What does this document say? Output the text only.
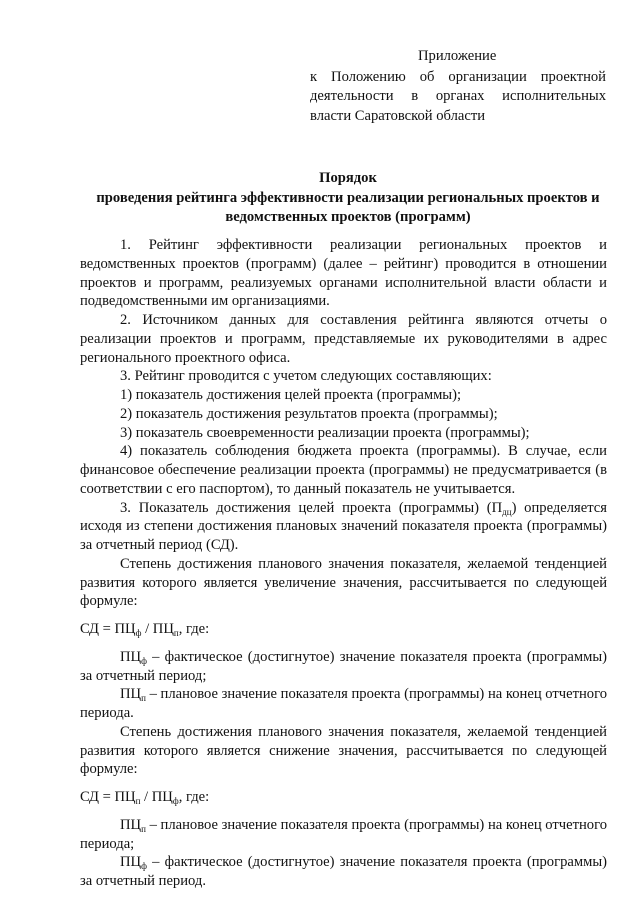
Приложение
к Положению об организации проектной деятельности в органах исполнительных власти Саратовской области
Порядок
проведения рейтинга эффективности реализации региональных проектов и ведомственных проектов (программ)

1. Рейтинг эффективности реализации региональных проектов и ведомственных проектов (программ) (далее – рейтинг) проводится в отношении проектов и программ, реализуемых органами исполнительной власти области и подведомственными им организациями.

2. Источником данных для составления рейтинга являются отчеты о реализации проектов и программ, представляемые их руководителями в адрес регионального проектного офиса.

3. Рейтинг проводится с учетом следующих составляющих:

1) показатель достижения целей проекта (программы);

2) показатель достижения результатов проекта (программы);

3) показатель своевременности реализации проекта (программы);

4) показатель соблюдения бюджета проекта (программы). В случае, если финансовое обеспечение реализации проекта (программы) не предусматривается (в соответствии с его паспортом), то данный показатель не учитывается.

3. Показатель достижения целей проекта (программы) $(П_{дц})$ определяется исходя из степени достижения плановых значений показателя проекта (программы) за отчетный период (СД).

Степень достижения планового значения показателя, желаемой тенденцией развития которого является увеличение значения, рассчитывается по следующей формуле:

СД = $ПЦ_ф / ПЦ_п$, где:

$ПЦ_ф$ – фактическое (достигнутое) значение показателя проекта (программы) за отчетный период;

$ПЦ_п$ – плановое значение показателя проекта (программы) на конец отчетного периода.

Степень достижения планового значения показателя, желаемой тенденцией развития которого является снижение значения, рассчитывается по следующей формуле:

СД = $ПЦ_п / ПЦ_ф$, где:

$ПЦ_п$ – плановое значение показателя проекта (программы) на конец отчетного периода;

$ПЦ_ф$ – фактическое (достигнутое) значение показателя проекта (программы) за отчетный период.
